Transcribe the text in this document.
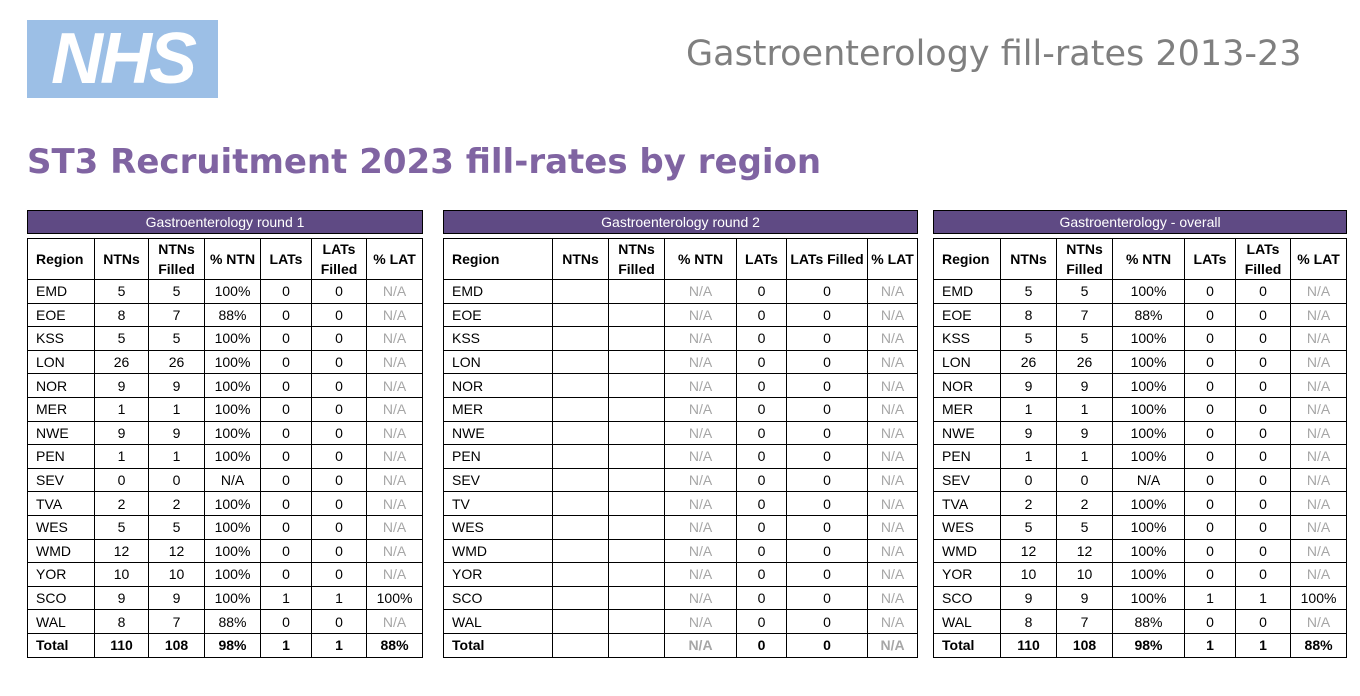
NHS	Gastroenterology fill-rates 2013-23
ST3 Recruitment 2023 fill-rates by region
Gastroenterology round 1						

Region	NTNs	NTNs Filled	% NTN	LATs	LATs Filled	% LAT
EMD	5	5	100%	0	0	N/A
EOE	8	7	88%	0	0	N/A
KSS	5	5	100%	0	0	N/A
LON	26	26	100%	0	0	N/A
NOR	9	9	100%	0	0	N/A
MER	1	1	100%	0	0	N/A
NWE	9	9	100%	0	0	N/A
PEN	1	1	100%	0	0	N/A
SEV	0	0	N/A	0	0	N/A
TVA	2	2	100%	0	0	N/A
WES	5	5	100%	0	0	N/A
WMD	12	12	100%	0	0	N/A
YOR	10	10	100%	0	0	N/A
SCO	9	9	100%	1	1	100%
WAL	8	7	88%	0	0	N/A
Total	110	108	98%	1	1	88%
Gastroenterology round 2						

Region	NTNs	NTNs Filled	% NTN	LATs	LATs Filled	% LAT
EMD			N/A	0	0	N/A
EOE			N/A	0	0	N/A
KSS			N/A	0	0	N/A
LON			N/A	0	0	N/A
NOR			N/A	0	0	N/A
MER			N/A	0	0	N/A
NWE			N/A	0	0	N/A
PEN			N/A	0	0	N/A
SEV			N/A	0	0	N/A
TV			N/A	0	0	N/A
WES			N/A	0	0	N/A
WMD			N/A	0	0	N/A
YOR			N/A	0	0	N/A
SCO			N/A	0	0	N/A
WAL			N/A	0	0	N/A
Total			N/A	0	0	N/A
Gastroenterology - overall						

Region	NTNs	NTNs Filled	% NTN	LATs	LATs Filled	% LAT
EMD	5	5	100%	0	0	N/A
EOE	8	7	88%	0	0	N/A
KSS	5	5	100%	0	0	N/A
LON	26	26	100%	0	0	N/A
NOR	9	9	100%	0	0	N/A
MER	1	1	100%	0	0	N/A
NWE	9	9	100%	0	0	N/A
PEN	1	1	100%	0	0	N/A
SEV	0	0	N/A	0	0	N/A
TVA	2	2	100%	0	0	N/A
WES	5	5	100%	0	0	N/A
WMD	12	12	100%	0	0	N/A
YOR	10	10	100%	0	0	N/A
SCO	9	9	100%	1	1	100%
WAL	8	7	88%	0	0	N/A
Total	110	108	98%	1	1	88%
